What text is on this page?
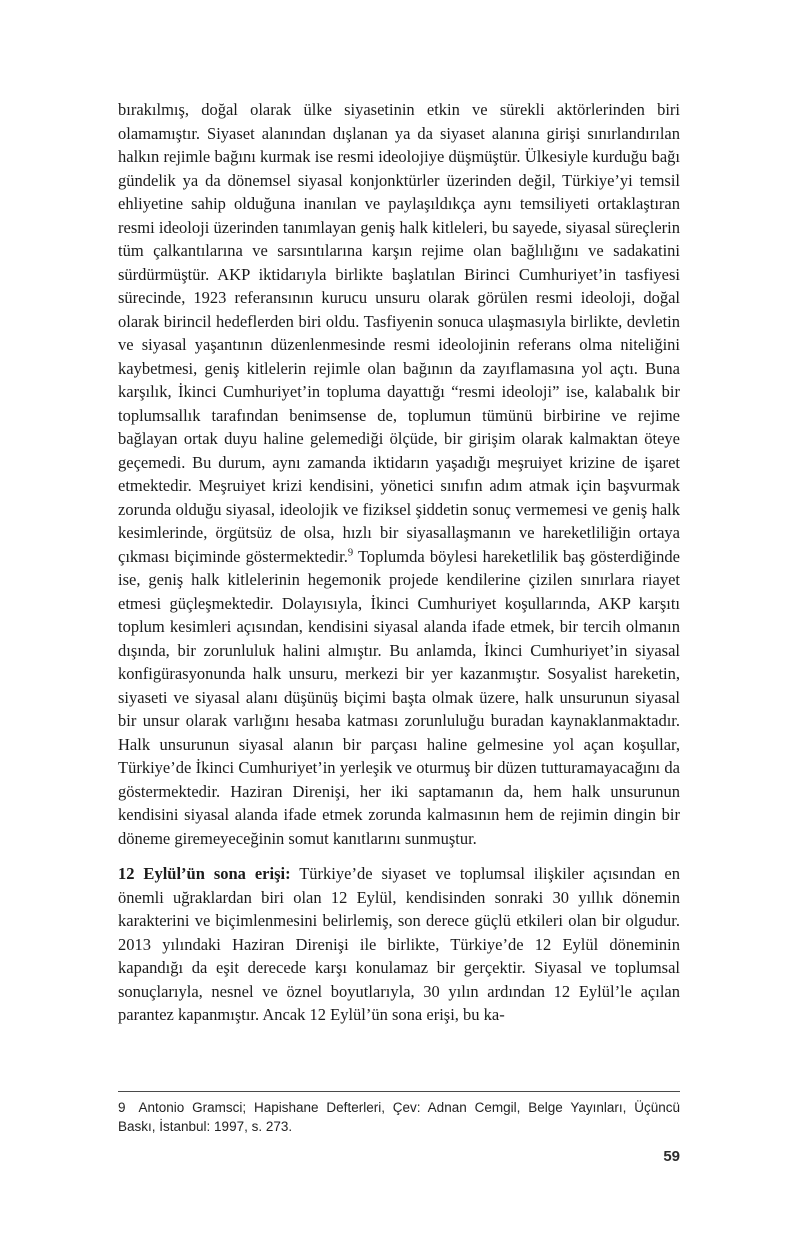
bırakılmış, doğal olarak ülke siyasetinin etkin ve sürekli aktörlerinden biri olamamıştır. Siyaset alanından dışlanan ya da siyaset alanına girişi sınırlandırılan halkın rejimle bağını kurmak ise resmi ideolojiye düşmüştür. Ülkesiyle kurduğu bağı gündelik ya da dönemsel siyasal konjonktürler üzerinden değil, Türkiye’yi temsil ehliyetine sahip olduğuna inanılan ve paylaşıldıkça aynı temsiliyeti ortaklaştıran resmi ideoloji üzerinden tanımlayan geniş halk kitleleri, bu sayede, siyasal süreçlerin tüm çalkantılarına ve sarsıntılarına karşın rejime olan bağlılığını ve sadakatini sürdürmüştür. AKP iktidarıyla birlikte başlatılan Birinci Cumhuriyet’in tasfiyesi sürecinde, 1923 referansının kurucu unsuru olarak görülen resmi ideoloji, doğal olarak birincil hedeflerden biri oldu. Tasfiyenin sonuca ulaşmasıyla birlikte, devletin ve siyasal yaşantının düzenlenmesinde resmi ideolojinin referans olma niteliğini kaybetmesi, geniş kitlelerin rejimle olan bağının da zayıflamasına yol açtı. Buna karşılık, İkinci Cumhuriyet’in topluma dayattığı “resmi ideoloji” ise, kalabalık bir toplumsallık tarafından benimsense de, toplumun tümünü birbirine ve rejime bağlayan ortak duyu haline gelemediği ölçüde, bir girişim olarak kalmaktan öteye geçemedi. Bu durum, aynı zamanda iktidarın yaşadığı meşruiyet krizine de işaret etmektedir. Meşruiyet krizi kendisini, yönetici sınıfın adım atmak için başvurmak zorunda olduğu siyasal, ideolojik ve fiziksel şiddetin sonuç vermemesi ve geniş halk kesimlerinde, örgütsüz de olsa, hızlı bir siyasallaşmanın ve hareketliliğin ortaya çıkması biçiminde göstermektedir.$^9$ Toplumda böylesi hareketlilik baş gösterdiğinde ise, geniş halk kitlelerinin hegemonik projede kendilerine çizilen sınırlara riayet etmesi güçleşmektedir. Dolayısıyla, İkinci Cumhuriyet koşullarında, AKP karşıtı toplum kesimleri açısından, kendisini siyasal alanda ifade etmek, bir tercih olmanın dışında, bir zorunluluk halini almıştır. Bu anlamda, İkinci Cumhuriyet’in siyasal konfigürasyonunda halk unsuru, merkezi bir yer kazanmıştır. Sosyalist hareketin, siyaseti ve siyasal alanı düşünüş biçimi başta olmak üzere, halk unsurunun siyasal bir unsur olarak varlığını hesaba katması zorunluluğu buradan kaynaklanmaktadır. Halk unsurunun siyasal alanın bir parçası haline gelmesine yol açan koşullar, Türkiye’de İkinci Cumhuriyet’in yerleşik ve oturmuş bir düzen tutturamayacağını da göstermektedir. Haziran Direnişi, her iki saptamanın da, hem halk unsurunun kendisini siyasal alanda ifade etmek zorunda kalmasının hem de rejimin dingin bir döneme giremeyeceğinin somut kanıtlarını sunmuştur.

12 Eylül’ün sona erişi: Türkiye’de siyaset ve toplumsal ilişkiler açısından en önemli uğraklardan biri olan 12 Eylül, kendisinden sonraki 30 yıllık dönemin karakterini ve biçimlenmesini belirlemiş, son derece güçlü etkileri olan bir olgudur. 2013 yılındaki Haziran Direnişi ile birlikte, Türkiye’de 12 Eylül döneminin kapandığı da eşit derecede karşı konulamaz bir gerçektir. Siyasal ve toplumsal sonuçlarıyla, nesnel ve öznel boyutlarıyla, 30 yılın ardından 12 Eylül’le açılan parantez kapanmıştır. Ancak 12 Eylül’ün sona erişi, bu ka-

9 Antonio Gramsci; Hapishane Defterleri, Çev: Adnan Cemgil, Belge Yayınları, Üçüncü Baskı, İstanbul: 1997, s. 273.

59
